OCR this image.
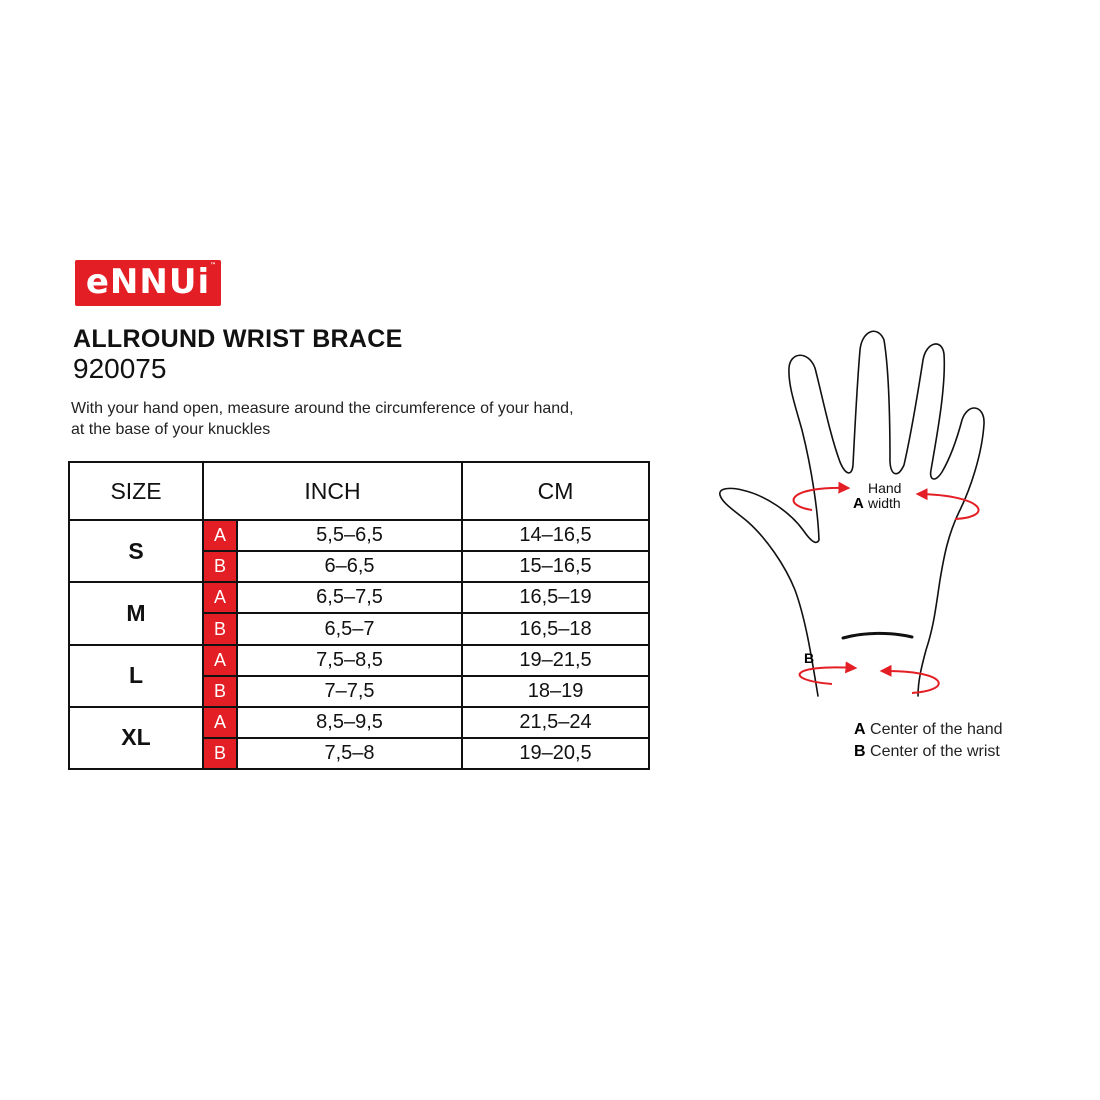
eNNUi ™
ALLROUND WRIST BRACE
920075
With your hand open, measure around the circumference of your hand, at the base of your knuckles
SIZE	INCH		CM
S	A	5,5–6,5	14–16,5
	B	6–6,5	15–16,5
M	A	6,5–7,5	16,5–19
	B	6,5–7	16,5–18
L	A	7,5–8,5	19–21,5
	B	7–7,5	18–19
XL	A	8,5–9,5	21,5–24
	B	7,5–8	19–20,5
Hand
A width
B
A Center of the hand
B Center of the wrist
